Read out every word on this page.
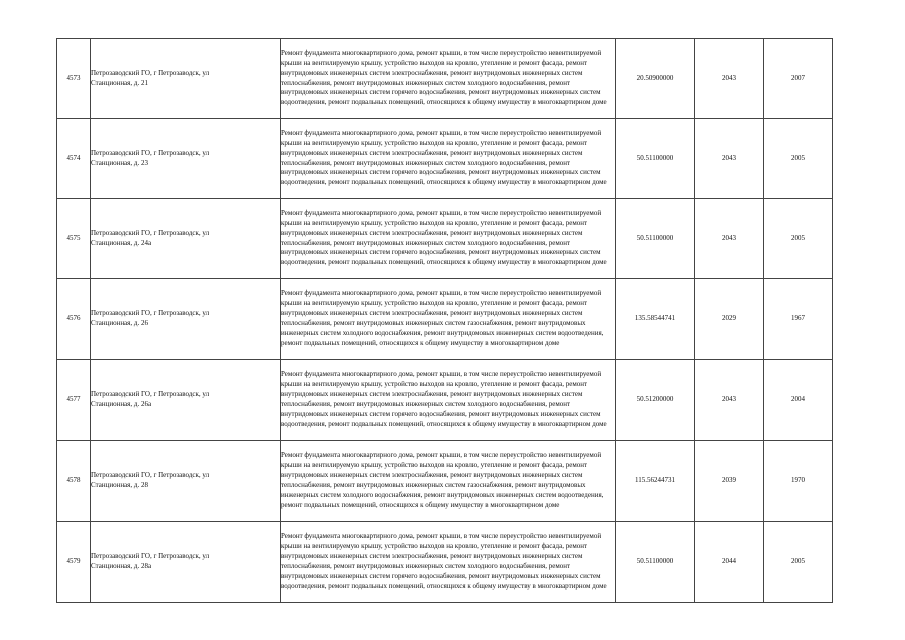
4573	Петрозаводский ГО, г Петрозаводск, ул
Станционная, д. 21	Ремонт фундамента многоквартирного дома, ремонт крыши, в том числе переустройство невентилируемой крыши на вентилируемую крышу, устройство выходов на кровлю, утепление и ремонт фасада, ремонт внутридомовых инженерных систем электроснабжения, ремонт внутридомовых инженерных систем теплоснабжения, ремонт внутридомовых инженерных систем холодного водоснабжения, ремонт внутридомовых инженерных систем горячего водоснабжения, ремонт внутридомовых инженерных систем водоотведения, ремонт подвальных помещений, относящихся к общему имуществу в многоквартирном доме	20.50900000	2043	2007
4574	Петрозаводский ГО, г Петрозаводск, ул
Станционная, д. 23	Ремонт фундамента многоквартирного дома, ремонт крыши, в том числе переустройство невентилируемой крыши на вентилируемую крышу, устройство выходов на кровлю, утепление и ремонт фасада, ремонт внутридомовых инженерных систем электроснабжения, ремонт внутридомовых инженерных систем теплоснабжения, ремонт внутридомовых инженерных систем холодного водоснабжения, ремонт внутридомовых инженерных систем горячего водоснабжения, ремонт внутридомовых инженерных систем водоотведения, ремонт подвальных помещений, относящихся к общему имуществу в многоквартирном доме	50.51100000	2043	2005
4575	Петрозаводский ГО, г Петрозаводск, ул
Станционная, д. 24а	Ремонт фундамента многоквартирного дома, ремонт крыши, в том числе переустройство невентилируемой крыши на вентилируемую крышу, устройство выходов на кровлю, утепление и ремонт фасада, ремонт внутридомовых инженерных систем электроснабжения, ремонт внутридомовых инженерных систем теплоснабжения, ремонт внутридомовых инженерных систем холодного водоснабжения, ремонт внутридомовых инженерных систем горячего водоснабжения, ремонт внутридомовых инженерных систем водоотведения, ремонт подвальных помещений, относящихся к общему имуществу в многоквартирном доме	50.51100000	2043	2005
4576	Петрозаводский ГО, г Петрозаводск, ул
Станционная, д. 26	Ремонт фундамента многоквартирного дома, ремонт крыши, в том числе переустройство невентилируемой крыши на вентилируемую крышу, устройство выходов на кровлю, утепление и ремонт фасада, ремонт внутридомовых инженерных систем электроснабжения, ремонт внутридомовых инженерных систем теплоснабжения, ремонт внутридомовых инженерных систем газоснабжения, ремонт внутридомовых инженерных систем холодного водоснабжения, ремонт внутридомовых инженерных систем водоотведения, ремонт подвальных помещений, относящихся к общему имуществу в многоквартирном доме	135.58544741	2029	1967
4577	Петрозаводский ГО, г Петрозаводск, ул
Станционная, д. 26а	Ремонт фундамента многоквартирного дома, ремонт крыши, в том числе переустройство невентилируемой крыши на вентилируемую крышу, устройство выходов на кровлю, утепление и ремонт фасада, ремонт внутридомовых инженерных систем электроснабжения, ремонт внутридомовых инженерных систем теплоснабжения, ремонт внутридомовых инженерных систем холодного водоснабжения, ремонт внутридомовых инженерных систем горячего водоснабжения, ремонт внутридомовых инженерных систем водоотведения, ремонт подвальных помещений, относящихся к общему имуществу в многоквартирном доме	50.51200000	2043	2004
4578	Петрозаводский ГО, г Петрозаводск, ул
Станционная, д. 28	Ремонт фундамента многоквартирного дома, ремонт крыши, в том числе переустройство невентилируемой крыши на вентилируемую крышу, устройство выходов на кровлю, утепление и ремонт фасада, ремонт внутридомовых инженерных систем электроснабжения, ремонт внутридомовых инженерных систем теплоснабжения, ремонт внутридомовых инженерных систем газоснабжения, ремонт внутридомовых инженерных систем холодного водоснабжения, ремонт внутридомовых инженерных систем водоотведения, ремонт подвальных помещений, относящихся к общему имуществу в многоквартирном доме	115.56244731	2039	1970
4579	Петрозаводский ГО, г Петрозаводск, ул
Станционная, д. 28а	Ремонт фундамента многоквартирного дома, ремонт крыши, в том числе переустройство невентилируемой крыши на вентилируемую крышу, устройство выходов на кровлю, утепление и ремонт фасада, ремонт внутридомовых инженерных систем электроснабжения, ремонт внутридомовых инженерных систем теплоснабжения, ремонт внутридомовых инженерных систем холодного водоснабжения, ремонт внутридомовых инженерных систем горячего водоснабжения, ремонт внутридомовых инженерных систем водоотведения, ремонт подвальных помещений, относящихся к общему имуществу в многоквартирном доме	50.51100000	2044	2005
